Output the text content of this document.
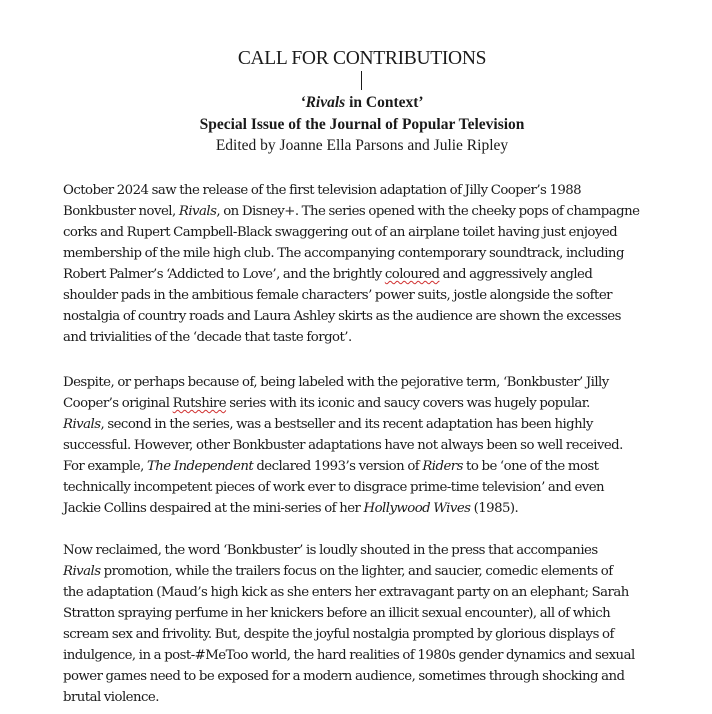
CALL FOR CONTRIBUTIONS
‘Rivals in Context’
Special Issue of the Journal of Popular Television
Edited by Joanne Ella Parsons and Julie Ripley

October 2024 saw the release of the first television adaptation of Jilly Cooper’s 1988
Bonkbuster novel, Rivals, on Disney+. The series opened with the cheeky pops of champagne
corks and Rupert Campbell-Black swaggering out of an airplane toilet having just enjoyed
membership of the mile high club. The accompanying contemporary soundtrack, including
Robert Palmer’s ‘Addicted to Love’, and the brightly coloured and aggressively angled
shoulder pads in the ambitious female characters’ power suits, jostle alongside the softer
nostalgia of country roads and Laura Ashley skirts as the audience are shown the excesses
and trivialities of the ‘decade that taste forgot’.

Despite, or perhaps because of, being labeled with the pejorative term, ‘Bonkbuster’ Jilly
Cooper’s original Rutshire series with its iconic and saucy covers was hugely popular.
Rivals, second in the series, was a bestseller and its recent adaptation has been highly
successful. However, other Bonkbuster adaptations have not always been so well received.
For example, The Independent declared 1993’s version of Riders to be ‘one of the most
technically incompetent pieces of work ever to disgrace prime-time television’ and even
Jackie Collins despaired at the mini-series of her Hollywood Wives (1985).

Now reclaimed, the word ‘Bonkbuster’ is loudly shouted in the press that accompanies
Rivals promotion, while the trailers focus on the lighter, and saucier, comedic elements of
the adaptation (Maud’s high kick as she enters her extravagant party on an elephant; Sarah
Stratton spraying perfume in her knickers before an illicit sexual encounter), all of which
scream sex and frivolity. But, despite the joyful nostalgia prompted by glorious displays of
indulgence, in a post-#MeToo world, the hard realities of 1980s gender dynamics and sexual
power games need to be exposed for a modern audience, sometimes through shocking and
brutal violence.
